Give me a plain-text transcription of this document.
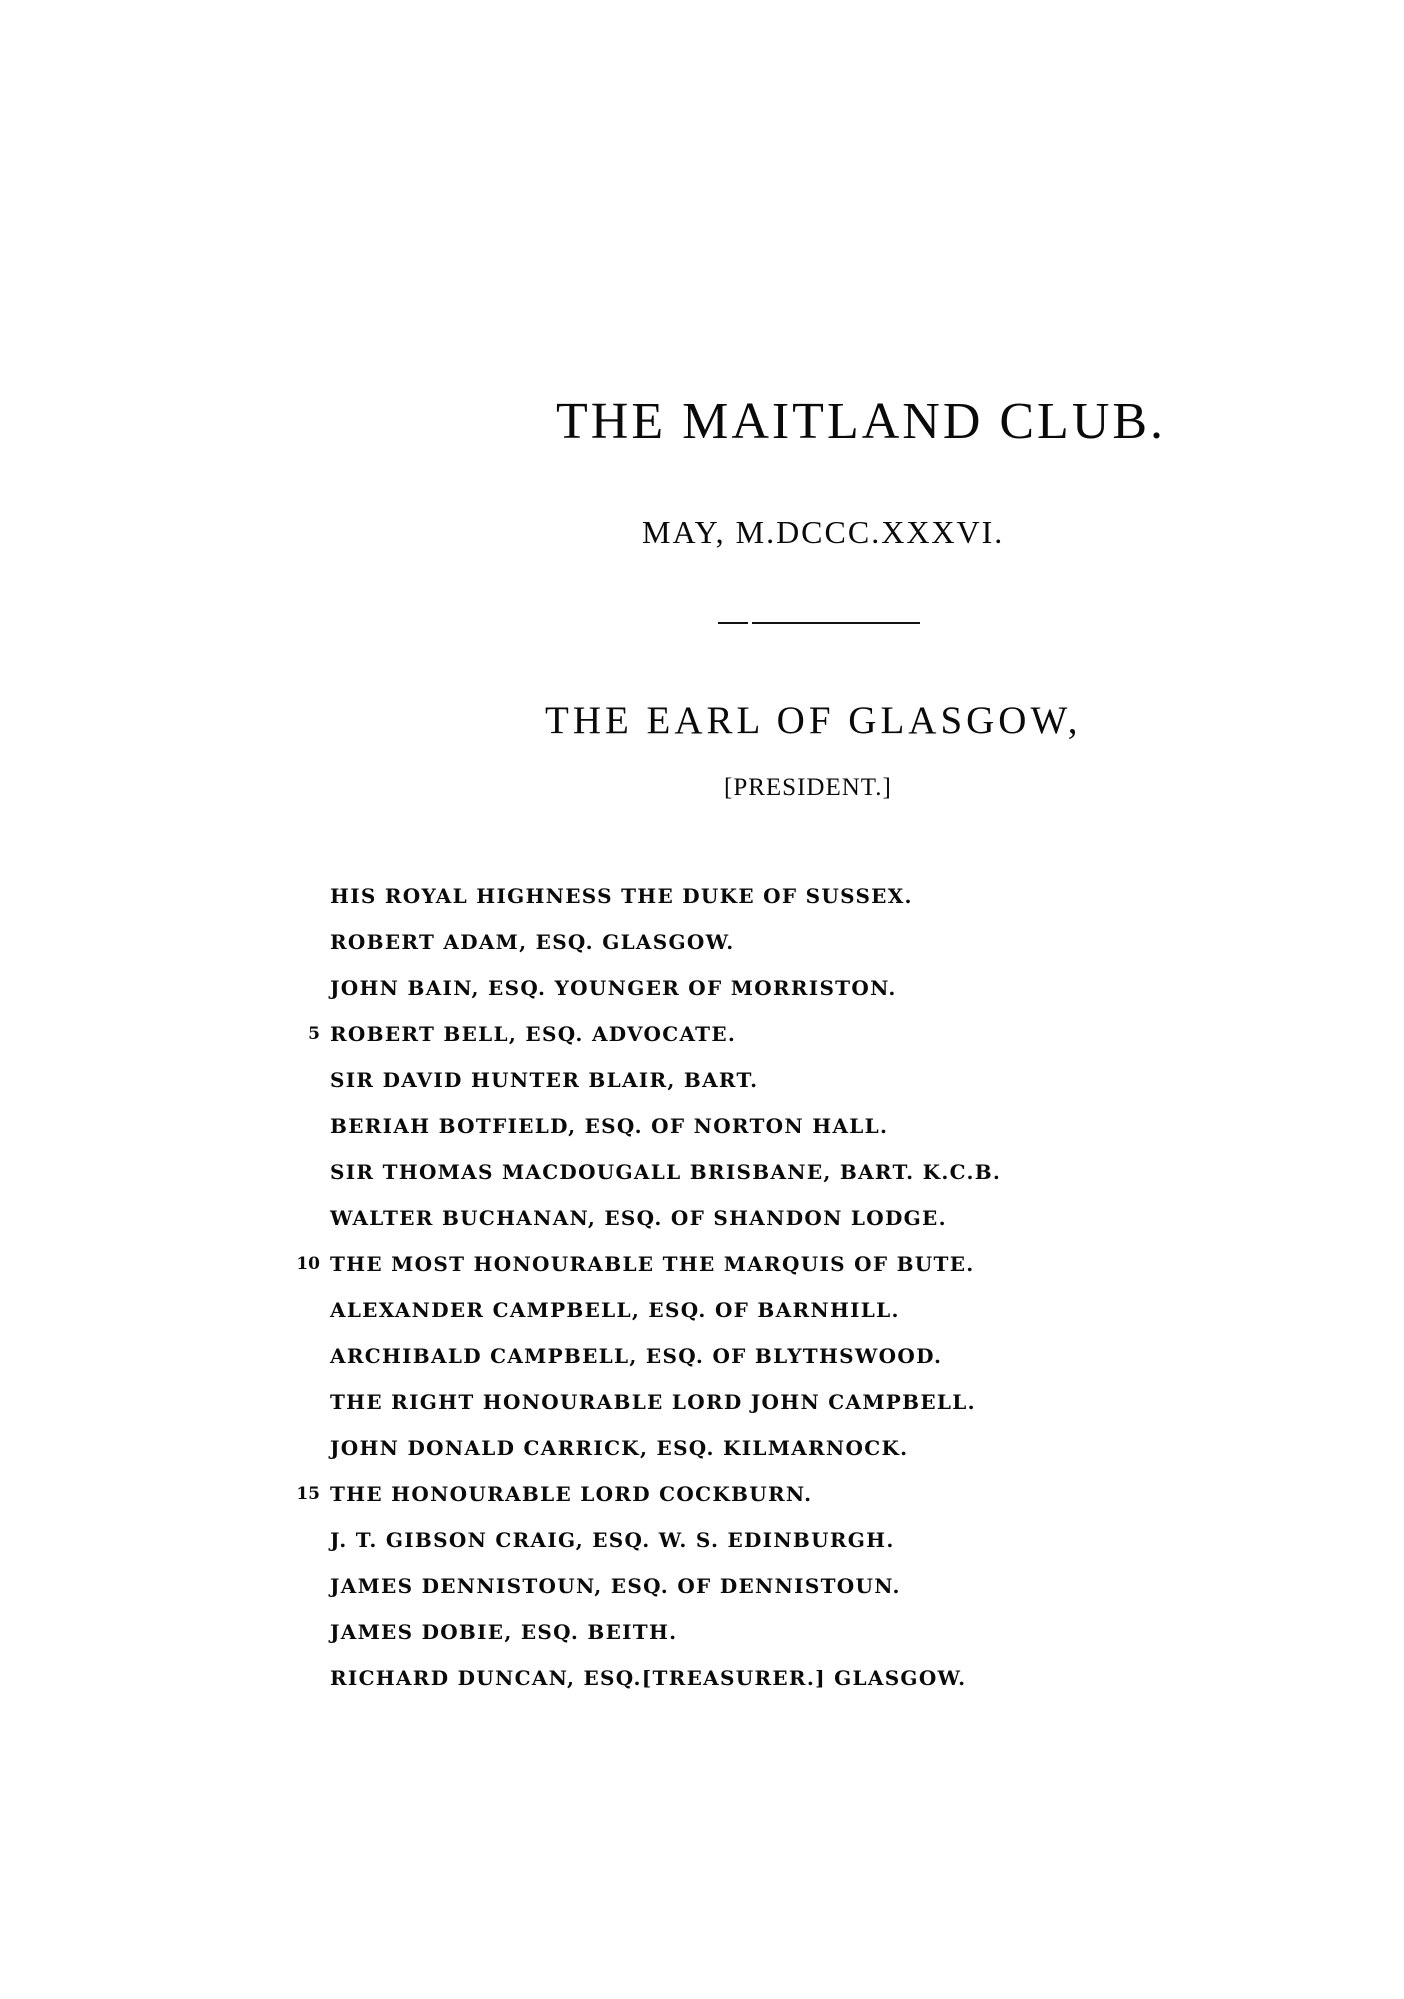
THE MAITLAND CLUB.
MAY, M.DCCC.XXXVI.
THE EARL OF GLASGOW,
[PRESIDENT.]
HIS ROYAL HIGHNESS THE DUKE OF SUSSEX.
ROBERT ADAM, ESQ. GLASGOW.
JOHN BAIN, ESQ. YOUNGER OF MORRISTON.
5 ROBERT BELL, ESQ. ADVOCATE.
SIR DAVID HUNTER BLAIR, BART.
BERIAH BOTFIELD, ESQ. OF NORTON HALL.
SIR THOMAS MACDOUGALL BRISBANE, BART. K.C.B.
WALTER BUCHANAN, ESQ. OF SHANDON LODGE.
10 THE MOST HONOURABLE THE MARQUIS OF BUTE.
ALEXANDER CAMPBELL, ESQ. OF BARNHILL.
ARCHIBALD CAMPBELL, ESQ. OF BLYTHSWOOD.
THE RIGHT HONOURABLE LORD JOHN CAMPBELL.
JOHN DONALD CARRICK, ESQ. KILMARNOCK.
15 THE HONOURABLE LORD COCKBURN.
J. T. GIBSON CRAIG, ESQ. W. S. EDINBURGH.
JAMES DENNISTOUN, ESQ. OF DENNISTOUN.
JAMES DOBIE, ESQ. BEITH.
RICHARD DUNCAN, ESQ.[TREASURER.] GLASGOW.
